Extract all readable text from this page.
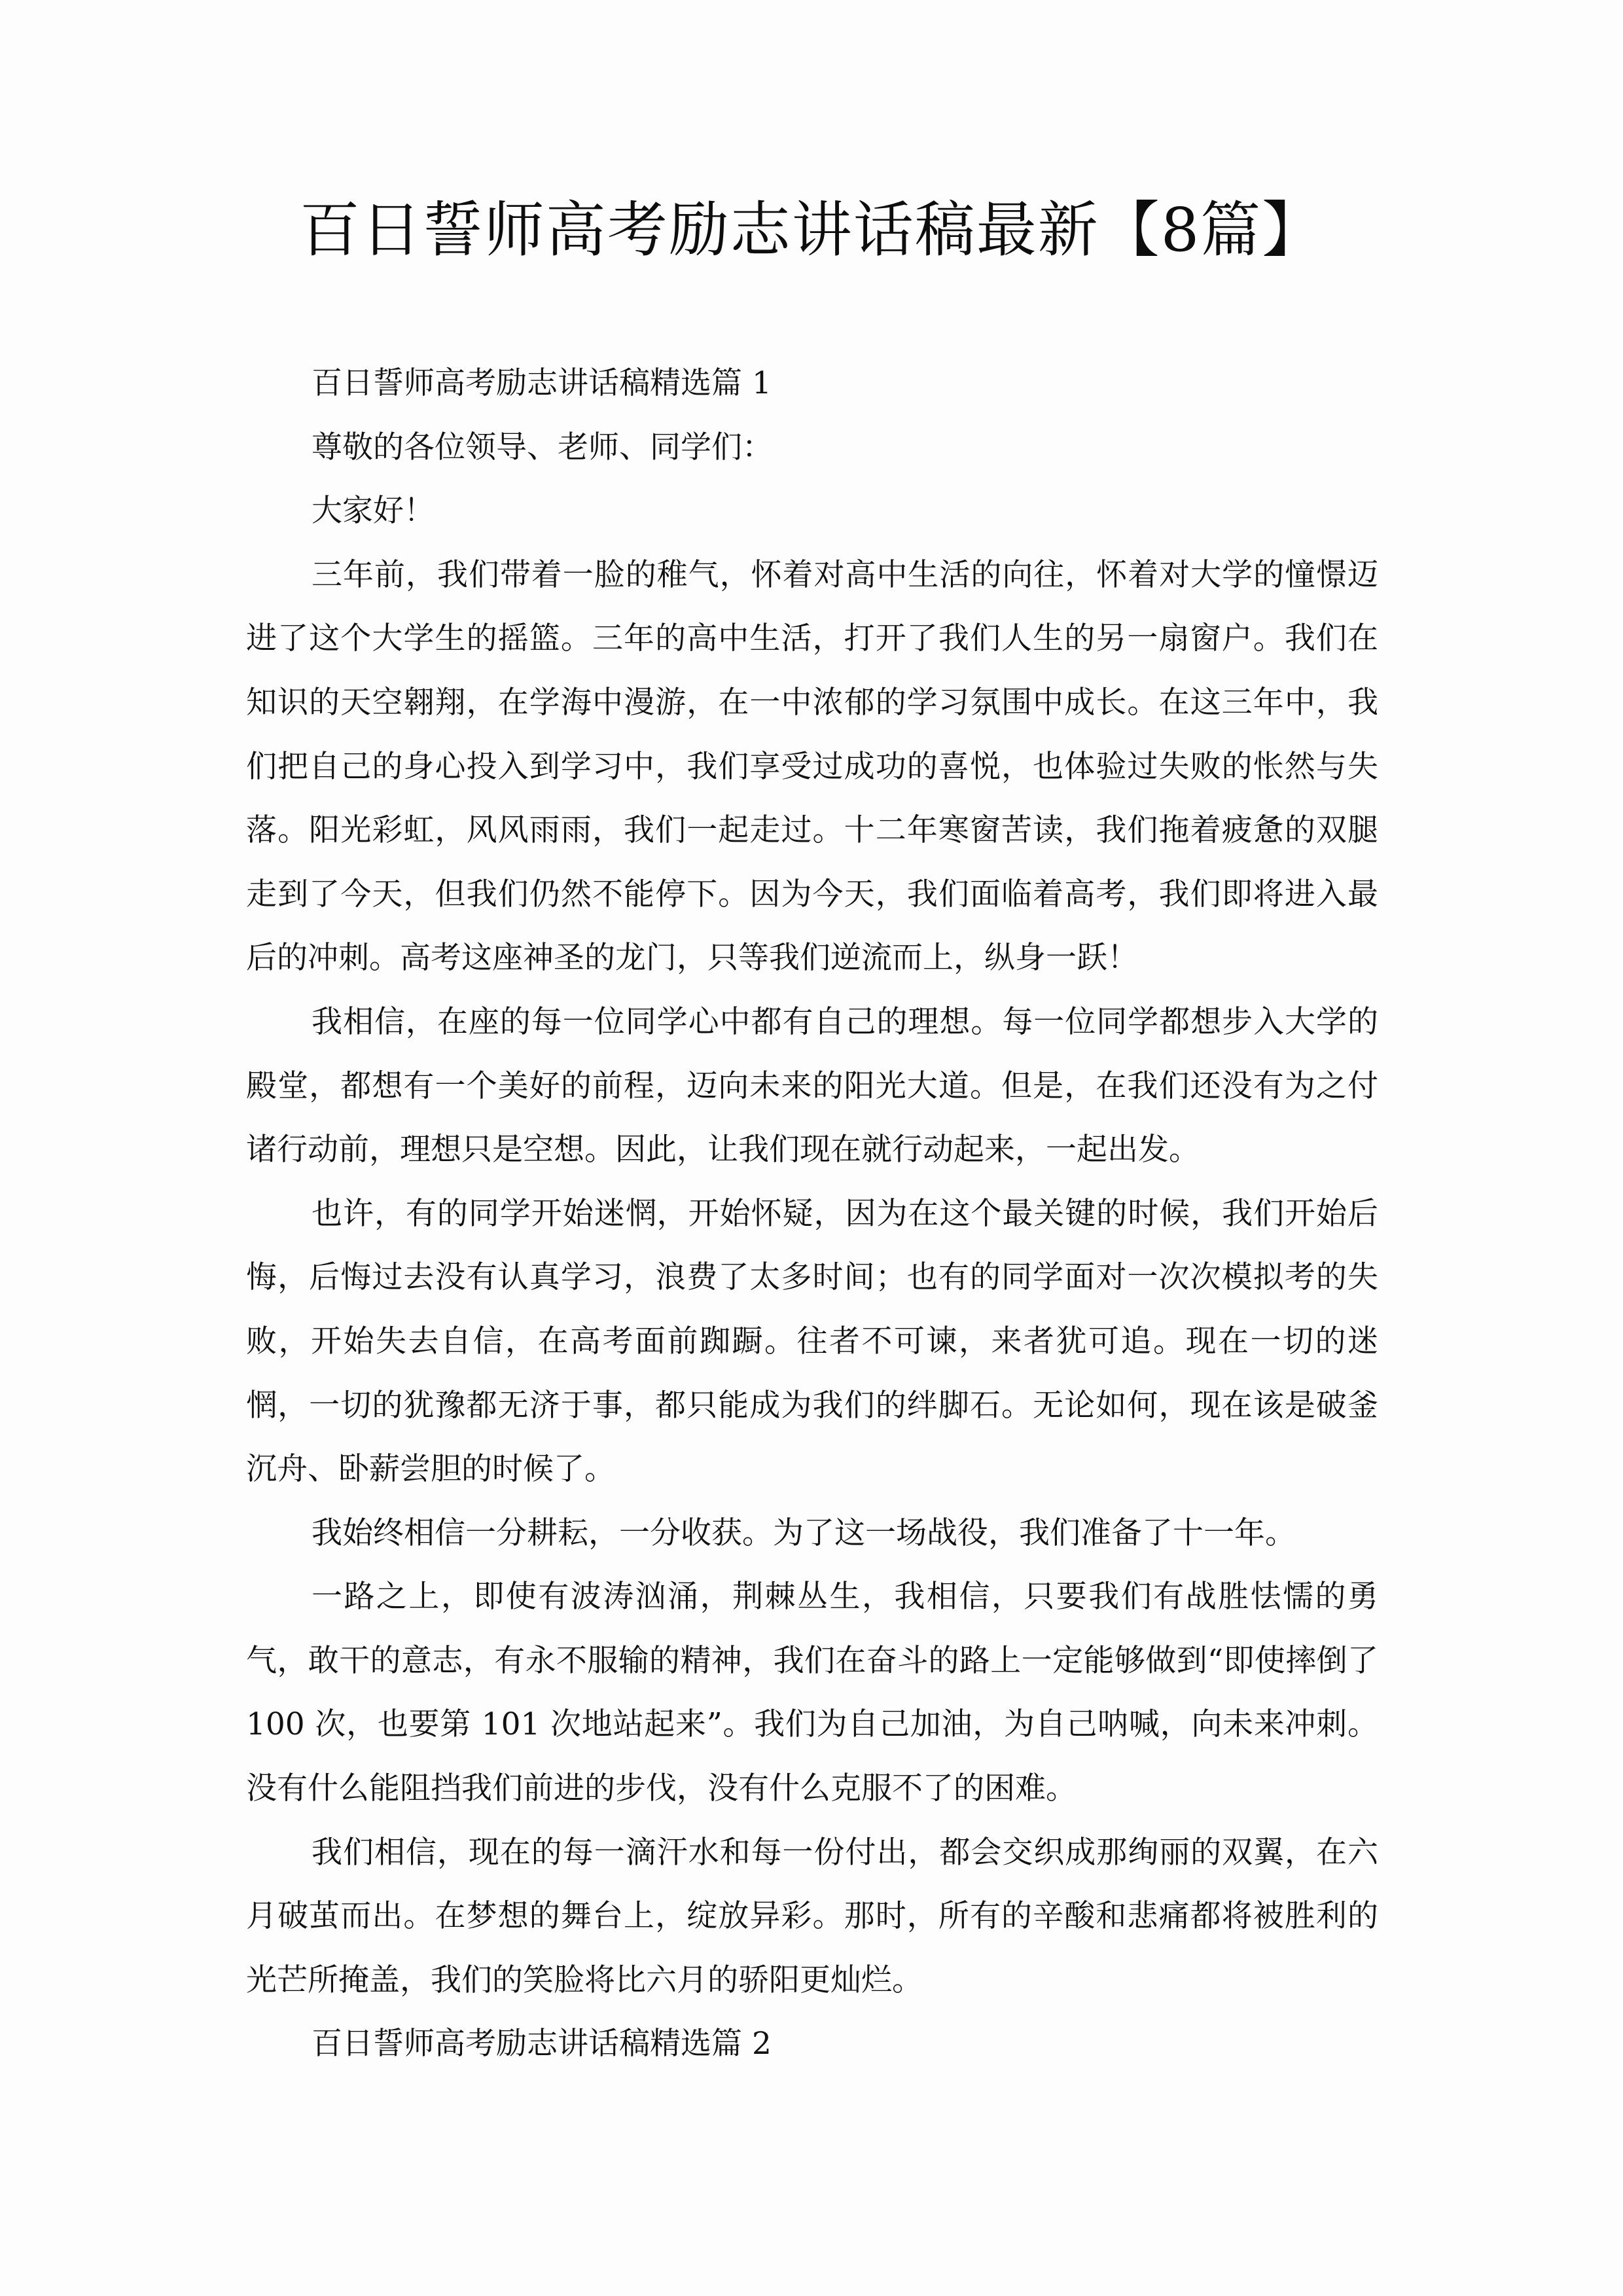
百日誓师高考励志讲话稿最新【8篇】

百日誓师高考励志讲话稿精选篇 1

尊敬的各位领导、老师、同学们：

大家好！

三年前，我们带着一脸的稚气，怀着对高中生活的向往，怀着对大学的憧憬迈进了这个大学生的摇篮。三年的高中生活，打开了我们人生的另一扇窗户。我们在知识的天空翱翔，在学海中漫游，在一中浓郁的学习氛围中成长。在这三年中，我们把自己的身心投入到学习中，我们享受过成功的喜悦，也体验过失败的怅然与失落。阳光彩虹，风风雨雨，我们一起走过。十二年寒窗苦读，我们拖着疲惫的双腿走到了今天，但我们仍然不能停下。因为今天，我们面临着高考，我们即将进入最后的冲刺。高考这座神圣的龙门，只等我们逆流而上，纵身一跃！

我相信，在座的每一位同学心中都有自己的理想。每一位同学都想步入大学的殿堂，都想有一个美好的前程，迈向未来的阳光大道。但是，在我们还没有为之付诸行动前，理想只是空想。因此，让我们现在就行动起来，一起出发。

也许，有的同学开始迷惘，开始怀疑，因为在这个最关键的时候，我们开始后悔，后悔过去没有认真学习，浪费了太多时间；也有的同学面对一次次模拟考的失败，开始失去自信，在高考面前踟蹰。往者不可谏，来者犹可追。现在一切的迷惘，一切的犹豫都无济于事，都只能成为我们的绊脚石。无论如何，现在该是破釜沉舟、卧薪尝胆的时候了。

我始终相信一分耕耘，一分收获。为了这一场战役，我们准备了十一年。

一路之上，即使有波涛汹涌，荆棘丛生，我相信，只要我们有战胜怯懦的勇气，敢干的意志，有永不服输的精神，我们在奋斗的路上一定能够做到“即使摔倒了 100 次，也要第 101 次地站起来”。我们为自己加油，为自己呐喊，向未来冲刺。没有什么能阻挡我们前进的步伐，没有什么克服不了的困难。

我们相信，现在的每一滴汗水和每一份付出，都会交织成那绚丽的双翼，在六月破茧而出。在梦想的舞台上，绽放异彩。那时，所有的辛酸和悲痛都将被胜利的光芒所掩盖，我们的笑脸将比六月的骄阳更灿烂。

百日誓师高考励志讲话稿精选篇 2
